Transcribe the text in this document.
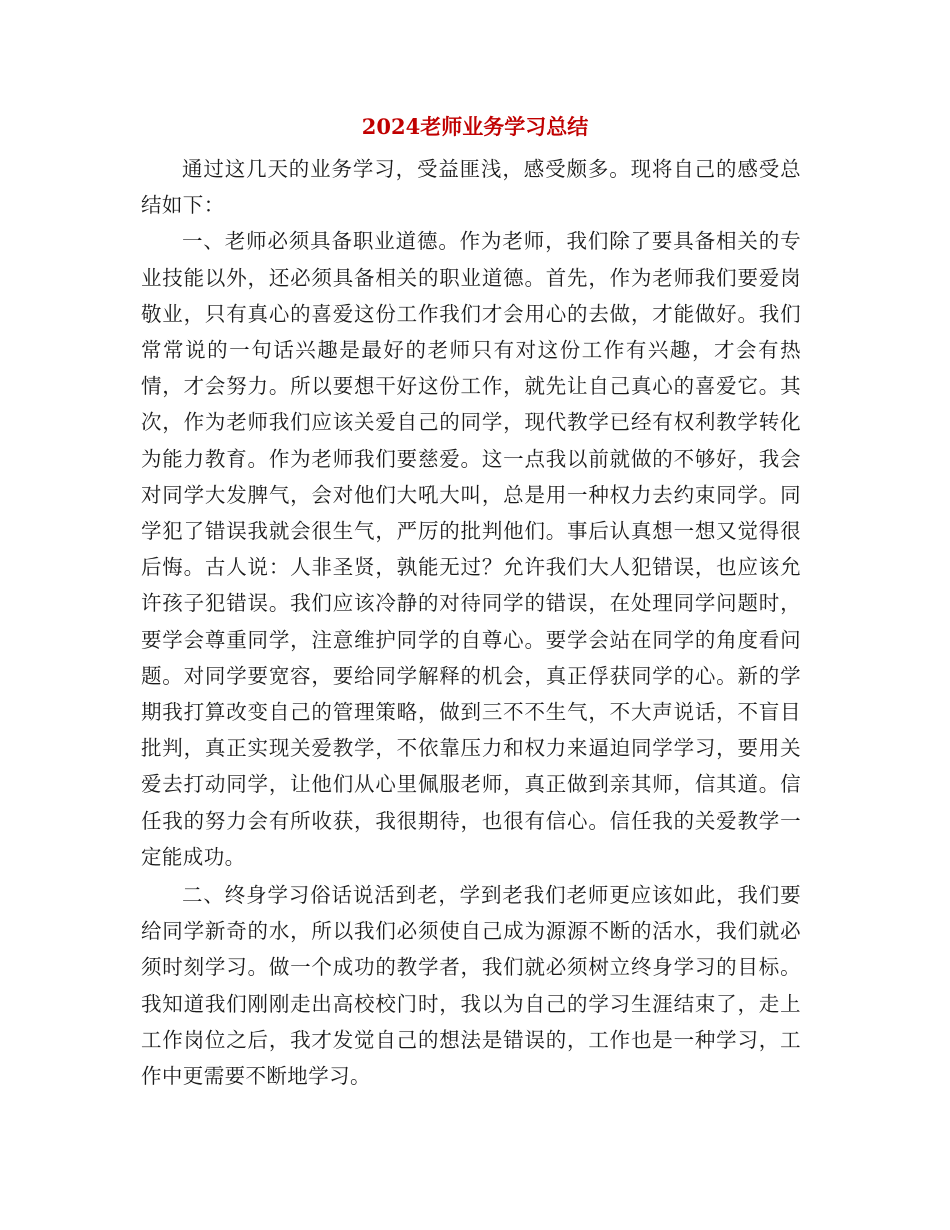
2024老师业务学习总结

通过这几天的业务学习，受益匪浅，感受颇多。现将自己的感受总结如下：

一、老师必须具备职业道德。作为老师，我们除了要具备相关的专业技能以外，还必须具备相关的职业道德。首先，作为老师我们要爱岗敬业，只有真心的喜爱这份工作我们才会用心的去做，才能做好。我们常常说的一句话兴趣是最好的老师只有对这份工作有兴趣，才会有热情，才会努力。所以要想干好这份工作，就先让自己真心的喜爱它。其次，作为老师我们应该关爱自己的同学，现代教学已经有权利教学转化为能力教育。作为老师我们要慈爱。这一点我以前就做的不够好，我会对同学大发脾气，会对他们大吼大叫，总是用一种权力去约束同学。同学犯了错误我就会很生气，严厉的批判他们。事后认真想一想又觉得很后悔。古人说：人非圣贤，孰能无过？允许我们大人犯错误，也应该允许孩子犯错误。我们应该冷静的对待同学的错误，在处理同学问题时，要学会尊重同学，注意维护同学的自尊心。要学会站在同学的角度看问题。对同学要宽容，要给同学解释的机会，真正俘获同学的心。新的学期我打算改变自己的管理策略，做到三不不生气，不大声说话，不盲目批判，真正实现关爱教学，不依靠压力和权力来逼迫同学学习，要用关爱去打动同学，让他们从心里佩服老师，真正做到亲其师，信其道。信任我的努力会有所收获，我很期待，也很有信心。信任我的关爱教学一定能成功。

二、终身学习俗话说活到老，学到老我们老师更应该如此，我们要给同学新奇的水，所以我们必须使自己成为源源不断的活水，我们就必须时刻学习。做一个成功的教学者，我们就必须树立终身学习的目标。我知道我们刚刚走出高校校门时，我以为自己的学习生涯结束了，走上工作岗位之后，我才发觉自己的想法是错误的，工作也是一种学习，工作中更需要不断地学习。
